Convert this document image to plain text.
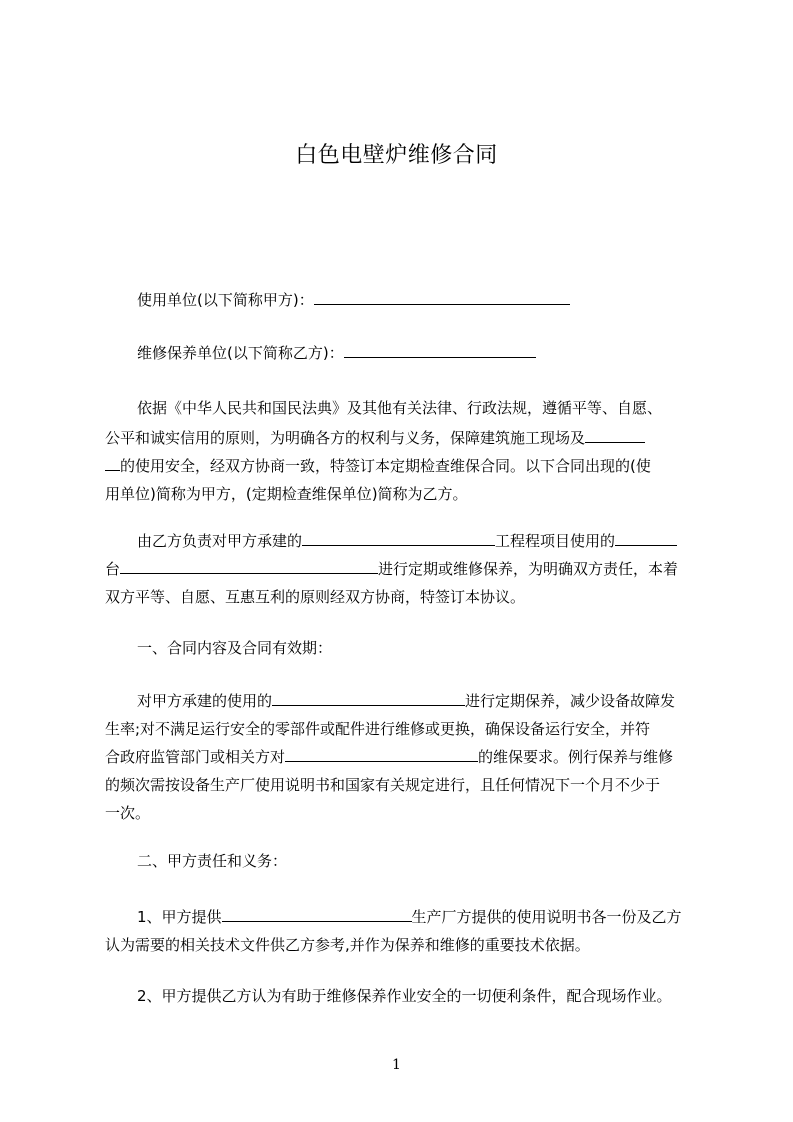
白色电壁炉维修合同
使用单位(以下简称甲方)：
维修保养单位(以下简称乙方)：
依据《中华人民共和国民法典》及其他有关法律、行政法规，遵循平等、自愿、
公平和诚实信用的原则，为明确各方的权利与义务，保障建筑施工现场及
的使用安全，经双方协商一致，特签订本定期检查维保合同。以下合同出现的(使
用单位)简称为甲方，(定期检查维保单位)简称为乙方。
由乙方负责对甲方承建的	工程程项目使用的
台	进行定期或维修保养，为明确双方责任，本着
双方平等、自愿、互惠互利的原则经双方协商，特签订本协议。
一、合同内容及合同有效期：
对甲方承建的使用的	进行定期保养，减少设备故障发
生率;对不满足运行安全的零部件或配件进行维修或更换，确保设备运行安全，并符
合政府监管部门或相关方对	的维保要求。例行保养与维修
的频次需按设备生产厂使用说明书和国家有关规定进行，且任何情况下一个月不少于
一次。
二、甲方责任和义务：
1、甲方提供	生产厂方提供的使用说明书各一份及乙方
认为需要的相关技术文件供乙方参考,并作为保养和维修的重要技术依据。
2、甲方提供乙方认为有助于维修保养作业安全的一切便利条件，配合现场作业。
1
